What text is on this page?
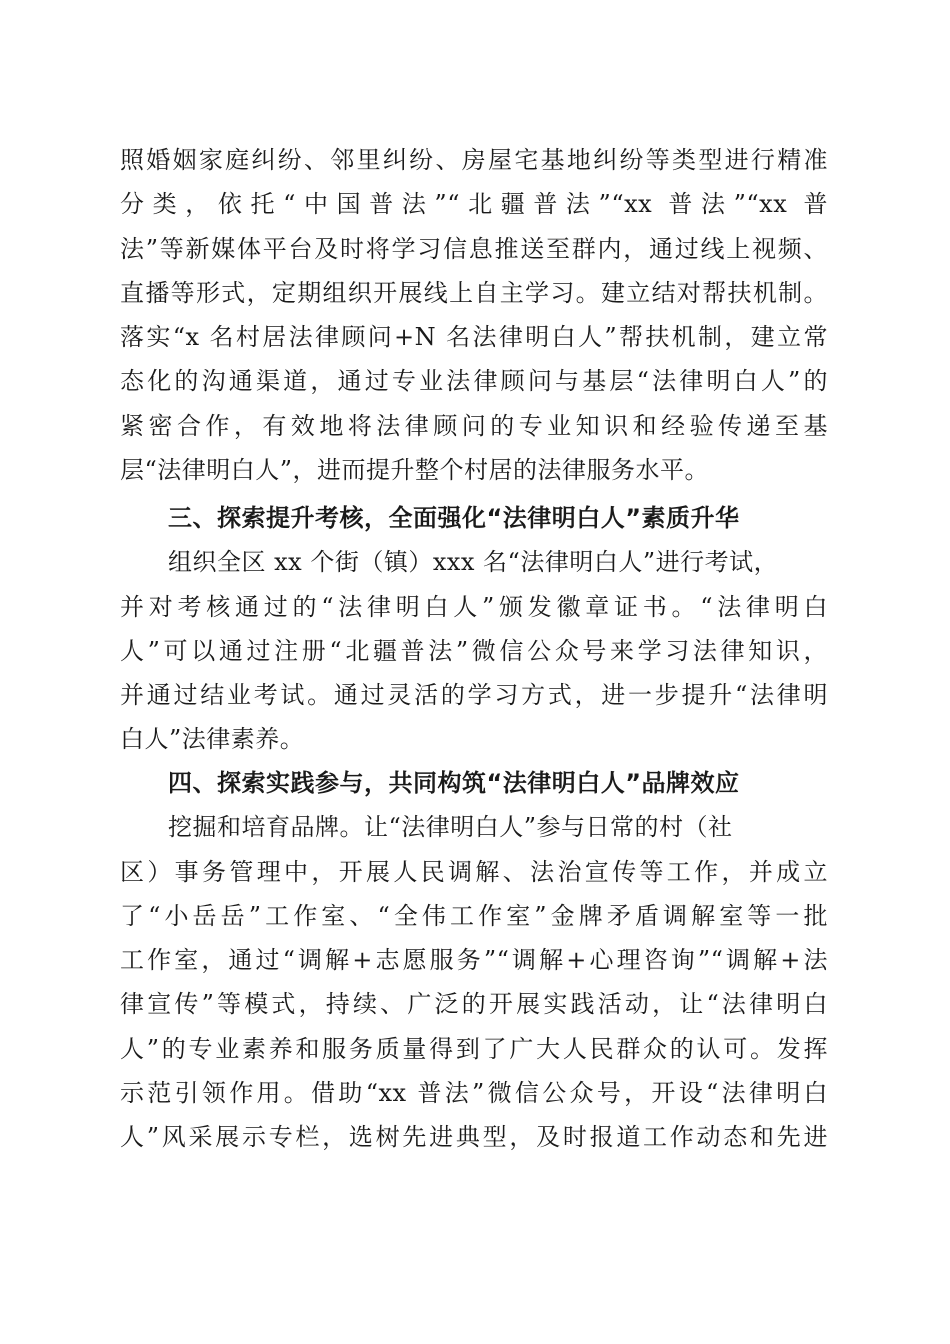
照婚姻家庭纠纷、邻里纠纷、房屋宅基地纠纷等类型进行精准
分类，依托“中国普法”“北疆普法”“xx 普法”“xx 普
法”等新媒体平台及时将学习信息推送至群内，通过线上视频、
直播等形式，定期组织开展线上自主学习。建立结对帮扶机制。
落实“x 名村居法律顾问+N 名法律明白人”帮扶机制，建立常
态化的沟通渠道，通过专业法律顾问与基层“法律明白人”的
紧密合作，有效地将法律顾问的专业知识和经验传递至基
层“法律明白人”，进而提升整个村居的法律服务水平。
三、探索提升考核，全面强化“法律明白人”素质升华
组织全区 xx 个街（镇）xxx 名“法律明白人”进行考试，
并对考核通过的“法律明白人”颁发徽章证书。“法律明白
人”可以通过注册“北疆普法”微信公众号来学习法律知识，
并通过结业考试。通过灵活的学习方式，进一步提升“法律明
白人”法律素养。
四、探索实践参与，共同构筑“法律明白人”品牌效应
挖掘和培育品牌。让“法律明白人”参与日常的村（社
区）事务管理中，开展人民调解、法治宣传等工作，并成立
了“小岳岳”工作室、“全伟工作室”金牌矛盾调解室等一批
工作室，通过“调解+志愿服务”“调解+心理咨询”“调解+法
律宣传”等模式，持续、广泛的开展实践活动，让“法律明白
人”的专业素养和服务质量得到了广大人民群众的认可。发挥
示范引领作用。借助“xx 普法”微信公众号，开设“法律明白
人”风采展示专栏，选树先进典型，及时报道工作动态和先进
